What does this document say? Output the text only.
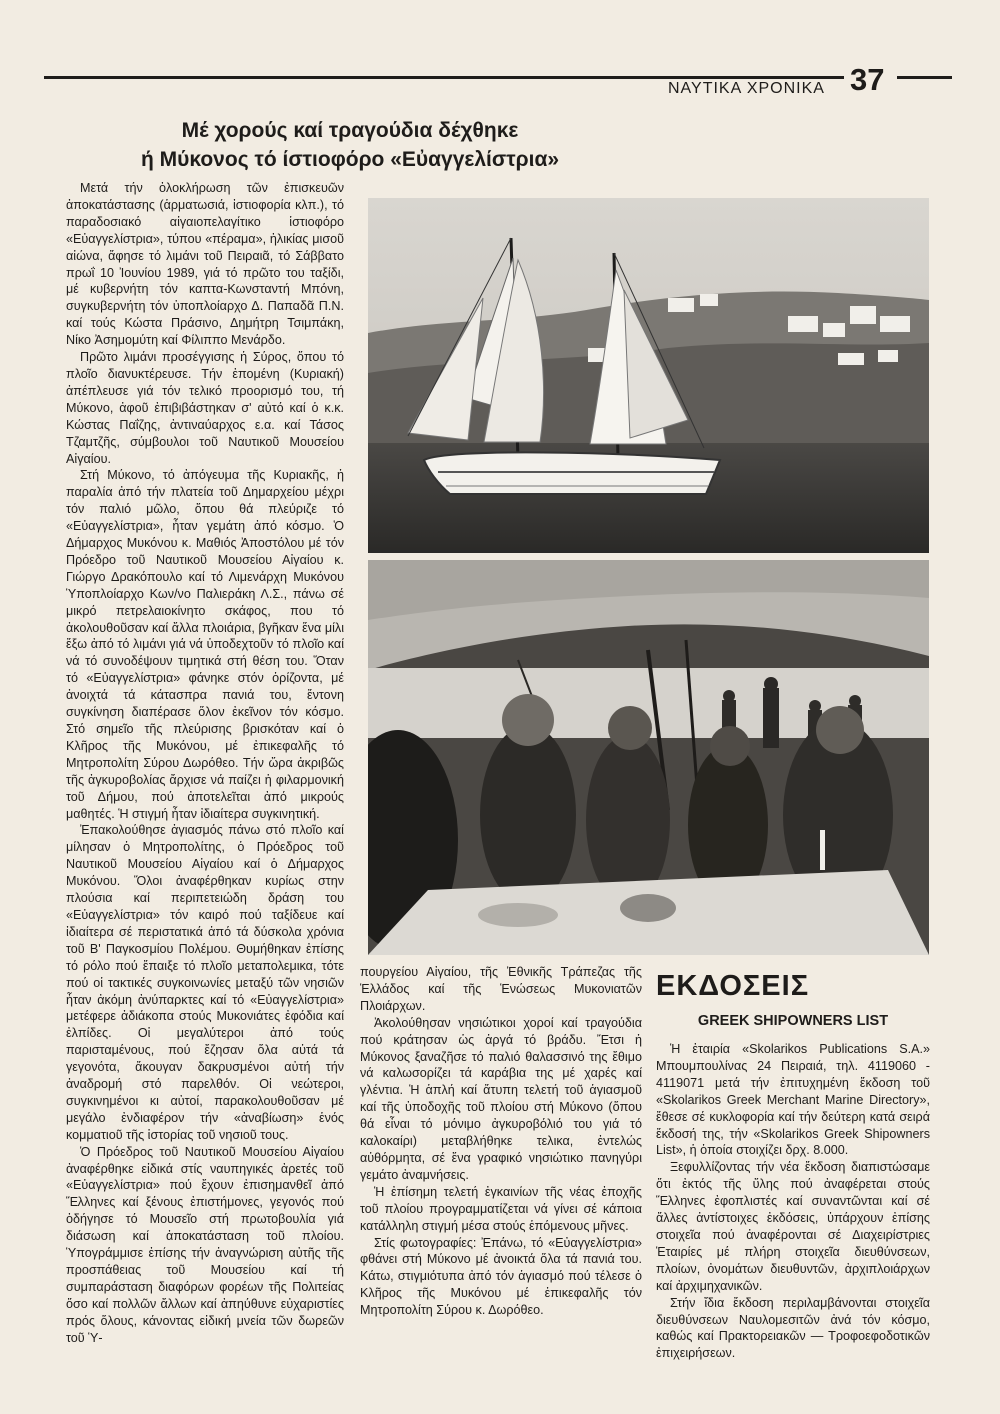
ΝΑΥΤΙΚΑ ΧΡΟΝΙΚΑ 37
Μέ χορούς καί τραγούδια δέχθηκε
ή Μύκονος τό ίστιοφόρο «Εὐαγγελίστρια»

Μετά τήν ὁλοκλήρωση τῶν ἐπισκευῶν ἀποκατάστασης (ἁρματωσιά, ἱστιοφορία κλπ.), τό παραδοσιακό αἰγαιοπελαγίτικο ἱστιοφόρο «Εὐαγγελίστρια», τύπου «πέραμα», ἡλικίας μισοῦ αἰώνα, ἄφησε τό λιμάνι τοῦ Πειραιᾶ, τό Σάββατο πρωΐ 10 Ἰουνίου 1989, γιά τό πρῶτο του ταξίδι, μέ κυβερνήτη τόν καπτα-Κωνσταντή Μπόνη, συγκυβερνήτη τόν ὑποπλοίαρχο Δ. Παπαδᾶ Π.Ν. καί τούς Κώστα Πράσινο, Δημήτρη Τσιμπάκη, Νίκο Ἀσημομύτη καί Φίλιππο Μενάρδο.

Πρῶτο λιμάνι προσέγγισης ἡ Σύρος, ὅπου τό πλοῖο διανυκτέρευσε. Τήν ἑπομένη (Κυριακή) ἀπέπλευσε γιά τόν τελικό προορισμό του, τή Μύκονο, ἀφοῦ ἐπιβιβάστηκαν σ' αὐτό καί ὁ κ.κ. Κώστας Παΐζης, ἀντιναύαρχος ε.α. καί Τάσος Τζαμτζῆς, σύμβουλοι τοῦ Ναυτικοῦ Μουσείου Αἰγαίου.

Στή Μύκονο, τό ἀπόγευμα τῆς Κυριακῆς, ἡ παραλία ἀπό τήν πλατεία τοῦ Δημαρχείου μέχρι τόν παλιό μῶλο, ὅπου θά πλεύριζε τό «Εὐαγγελίστρια», ἦταν γεμάτη ἀπό κόσμο. Ὁ Δήμαρχος Μυκόνου κ. Μαθιός Ἀποστόλου μέ τόν Πρόεδρο τοῦ Ναυτικοῦ Μουσείου Αἰγαίου κ. Γιώργο Δρακόπουλο καί τό Λιμενάρχη Μυκόνου Ὑποπλοίαρχο Κων/νο Παλιεράκη Λ.Σ., πάνω σέ μικρό πετρελαιοκίνητο σκάφος, που τό ἀκολουθοῦσαν καί ἄλλα πλοιάρια, βγῆκαν ἕνα μίλι ἔξω ἀπό τό λιμάνι γιά νά ὑποδεχτοῦν τό πλοῖο καί νά τό συνοδέψουν τιμητικά στή θέση του. Ὅταν τό «Εὐαγγελίστρια» φάνηκε στόν ὁρίζοντα, μέ ἀνοιχτά τά κάτασπρα πανιά του, ἔντονη συγκίνηση διαπέρασε ὅλον ἐκεῖνον τόν κόσμο. Στό σημεῖο τῆς πλεύρισης βρισκόταν καί ὁ Κλῆρος τῆς Μυκόνου, μέ ἐπικεφαλῆς τό Μητροπολίτη Σύρου Δωρόθεο. Τήν ὥρα ἀκριβῶς τῆς ἀγκυροβολίας ἄρχισε νά παίζει ἡ φιλαρμονική τοῦ Δήμου, πού ἀποτελεῖται ἀπό μικρούς μαθητές. Ἡ στιγμή ἦταν ἰδιαίτερα συγκινητική.

Ἐπακολούθησε ἁγιασμός πάνω στό πλοῖο καί μίλησαν ὁ Μητροπολίτης, ὁ Πρόεδρος τοῦ Ναυτικοῦ Μουσείου Αἰγαίου καί ὁ Δήμαρχος Μυκόνου. Ὅλοι ἀναφέρθηκαν κυρίως στην πλούσια καί περιπετειώδη δράση του «Εὐαγγελίστρια» τόν καιρό πού ταξίδευε καί ἰδιαίτερα σέ περιστατικά ἀπό τά δύσκολα χρόνια τοῦ Β' Παγκοσμίου Πολέμου. Θυμήθηκαν ἐπίσης τό ρόλο πού ἔπαιξε τό πλοῖο μεταπολεμικα, τότε πού οἱ τακτικές συγκοινωνίες μεταξύ τῶν νησιῶν ἦταν ἀκόμη ἀνύπαρκτες καί τό «Εὐαγγελίστρια» μετέφερε ἀδιάκοπα στούς Μυκονιάτες ἐφόδια καί ἐλπίδες. Οἱ μεγαλύτεροι ἀπό τούς παρισταμένους, πού ἔζησαν ὅλα αὐτά τά γεγονότα, ἄκουγαν δακρυσμένοι αὐτή τήν ἀναδρομή στό παρελθόν. Οἱ νεώτεροι, συγκινημένοι κι αὐτοί, παρακολουθοῦσαν μέ μεγάλο ἐνδιαφέρον τήν «ἀναβίωση» ἑνός κομματιοῦ τῆς ἱστορίας τοῦ νησιοῦ τους.

Ὁ Πρόεδρος τοῦ Ναυτικοῦ Μουσείου Αἰγαίου ἀναφέρθηκε εἰδικά στίς ναυπηγικές ἀρετές τοῦ «Εὐαγγελίστρια» πού ἔχουν ἐπισημανθεῖ ἀπό Ἕλληνες καί ξένους ἐπιστήμονες, γεγονός πού ὁδήγησε τό Μουσεῖο στή πρωτοβουλία γιά διάσωση καί ἀποκατάσταση τοῦ πλοίου. Ὑπογράμμισε ἐπίσης τήν ἀναγνώριση αὐτῆς τῆς προσπάθειας τοῦ Μουσείου καί τή συμπαράσταση διαφόρων φορέων τῆς Πολιτείας ὅσο καί πολλῶν ἄλλων καί ἀπηύθυνε εὐχαριστίες πρός ὅλους, κάνοντας εἰδική μνεία τῶν δωρεῶν τοῦ Ὑ-

πουργείου Αἰγαίου, τῆς Ἐθνικῆς Τράπεζας τῆς Ἑλλάδος καί τῆς Ἑνώσεως Μυκονιατῶν Πλοιάρχων.

Ἀκολούθησαν νησιώτικοι χοροί καί τραγούδια πού κράτησαν ὡς ἀργά τό βράδυ. Ἔτσι ἡ Μύκονος ξαναζῆσε τό παλιό θαλασσινό της ἔθιμο νά καλωσορίζει τά καράβια της μέ χαρές καί γλέντια. Ἡ ἁπλή καί ἄτυπη τελετή τοῦ ἁγιασμοῦ καί τῆς ὑποδοχῆς τοῦ πλοίου στή Μύκονο (ὅπου θά εἶναι τό μόνιμο ἀγκυροβόλιό του γιά τό καλοκαίρι) μεταβλήθηκε τελικα, ἐντελώς αὐθόρμητα, σέ ἕνα γραφικό νησιώτικο πανηγύρι γεμάτο ἀναμνήσεις.

Ἡ ἐπίσημη τελετή ἐγκαινίων τῆς νέας ἐποχῆς τοῦ πλοίου προγραμματίζεται νά γίνει σέ κάποια κατάλληλη στιγμή μέσα στούς ἑπόμενους μῆνες.

Στίς φωτογραφίες: Ἐπάνω, τό «Εὐαγγελίστρια» φθάνει στή Μύκονο μέ ἀνοικτά ὅλα τά πανιά του. Κάτω, στιγμιότυπα ἀπό τόν ἁγιασμό πού τέλεσε ὁ Κλῆρος τῆς Μυκόνου μέ ἐπικεφαλῆς τόν Μητροπολίτη Σύρου κ. Δωρόθεο.

ΕΚΔΟΣΕΙΣ
GREEK SHIPOWNERS LIST

Ἡ ἑταιρία «Skolarikos Publications S.A.» Μπουμπουλίνας 24 Πειραιά, τηλ. 4119060 - 4119071 μετά τήν ἐπιτυχημένη ἔκδοση τοῦ «Skolarikos Greek Merchant Marine Directory», ἔθεσε σέ κυκλοφορία καί τήν δεύτερη κατά σειρά ἔκδοσή της, τήν «Skolarikos Greek Shipowners List», ἡ ὁποία στοιχίζει δρχ. 8.000.

Ξεφυλλίζοντας τήν νέα ἔκδοση διαπιστώσαμε ὅτι ἐκτός τῆς ὕλης πού ἀναφέρεται στούς Ἕλληνες ἐφοπλιστές καί συναντῶνται καί σέ ἄλλες ἀντίστοιχες ἐκδόσεις, ὑπάρχουν ἐπίσης στοιχεῖα πού ἀναφέρονται σέ Διαχειρίστριες Ἑταιρίες μέ πλήρη στοιχεῖα διευθύνσεων, πλοίων, ὀνομάτων διευθυντῶν, ἀρχιπλοιάρχων καί ἀρχιμηχανικῶν.

Στήν ἴδια ἔκδοση περιλαμβάνονται στοιχεῖα διευθύνσεων Ναυλομεσιτῶν ἀνά τόν κόσμο, καθώς καί Πρακτορειακῶν — Τροφοεφοδοτικῶν ἐπιχειρήσεων.
